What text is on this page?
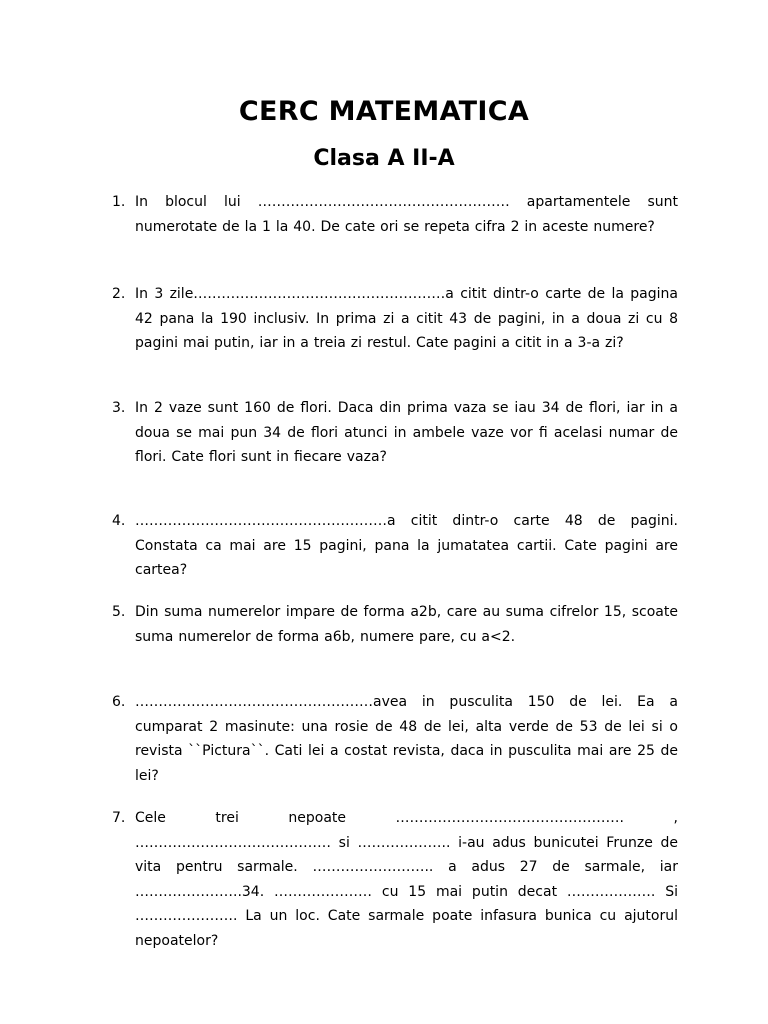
CERC MATEMATICA
Clasa A II-A
1. In blocul lui ……………………………………………… apartamentele sunt numerotate de la 1 la 40. De cate ori se repeta cifra 2 in aceste numere?
2. In 3 zile………………………………………………a citit dintr-o carte de la pagina 42 pana la 190 inclusiv. In prima zi a citit 43 de pagini, in a doua zi cu 8 pagini mai putin, iar in a treia zi restul. Cate pagini a citit in a 3-a zi?
3. In 2 vaze sunt 160 de flori. Daca din prima vaza se iau 34 de flori, iar in a doua se mai pun 34 de flori atunci in ambele vaze vor fi acelasi numar de flori. Cate flori sunt in fiecare vaza?
4. ………………………………………………a citit dintr-o carte 48 de pagini. Constata ca mai are 15 pagini, pana la jumatatea cartii. Cate pagini are cartea?
5. Din suma numerelor impare de forma a2b, care au suma cifrelor 15, scoate suma numerelor de forma a6b, numere pare, cu a<2.
6. ……………………………………………avea in pusculita 150 de lei. Ea a cumparat 2 masinute: una rosie de 48 de lei, alta verde de 53 de lei si o revista ``Pictura``. Cati lei a costat revista, daca in pusculita mai are 25 de lei?
7. Cele trei nepoate …………………………………………. , …………………………………… si ……………….. i-au adus bunicutei Frunze de vita pentru sarmale. …………………….. a adus 27 de sarmale, iar …………………..34. ………………… cu 15 mai putin decat ………………. Si …………………. La un loc. Cate sarmale poate infasura bunica cu ajutorul nepoatelor?
